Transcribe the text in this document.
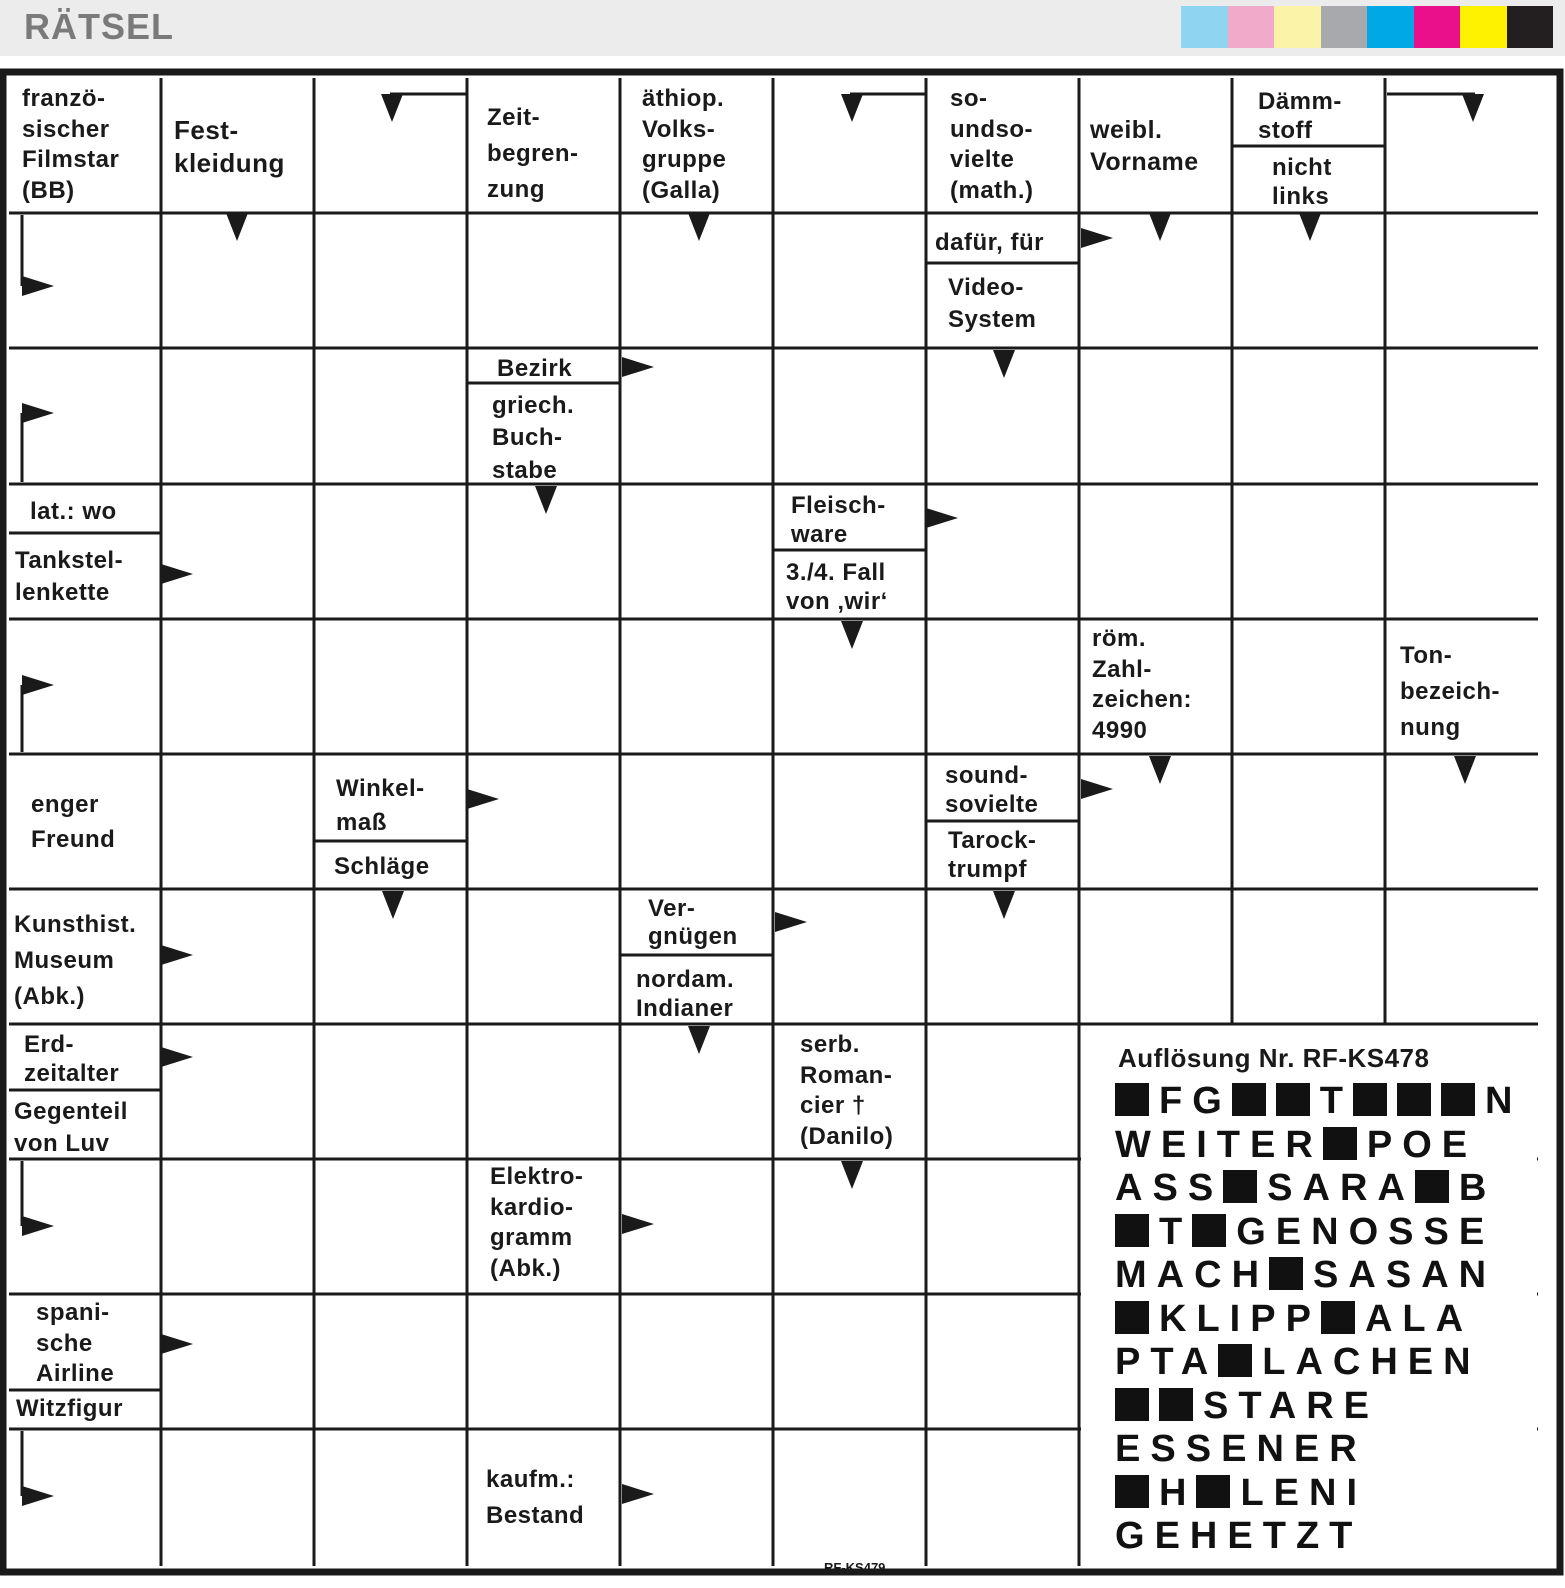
RÄTSEL
franzö-
sischer
Filmstar
(BB)
Fest-
kleidung
Zeit-
begren-
zung
äthiop.
Volks-
gruppe
(Galla)
so-
undso-
vielte
(math.)
weibl.
Vorname
Dämm-
stoff
nicht
links
dafür, für
Video-
System
Bezirk
griech.
Buch-
stabe
lat.: wo
Tankstel-
lenkette
Fleisch-
ware
3./4. Fall
von ‚wir‘
röm.
Zahl-
zeichen:
4990
Ton-
bezeich-
nung
enger
Freund
Winkel-
maß
Schläge
sound-
sovielte
Tarock-
trumpf
Kunsthist.
Museum
(Abk.)
Ver-
gnügen
nordam.
Indianer
Erd-
zeitalter
Gegenteil
von Luv
serb.
Roman-
cier †
(Danilo)
Elektro-
kardio-
gramm
(Abk.)
spani-
sche
Airline
Witzfigur
kaufm.:
Bestand
Auflösung Nr. RF-KS478
FG T	N
WEITER POE
ASS SARA B
T GENOSSE
MACH SASAN
KLIPP ALA
PTA LACHEN
STARE
ESSENER
H LENI
GEHETZT
RF-KS479
